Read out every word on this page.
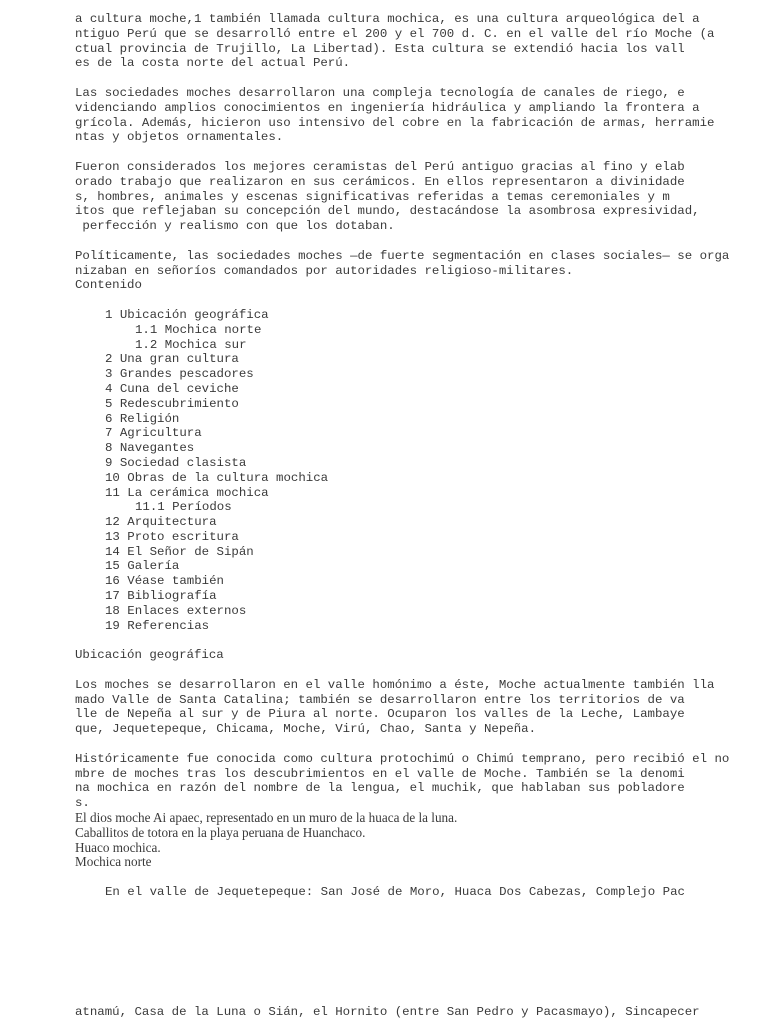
a cultura moche,1 también llamada cultura mochica, es una cultura arqueológica del a
ntiguo Perú que se desarrolló entre el 200 y el 700 d. C. en el valle del río Moche (a
ctual provincia de Trujillo, La Libertad). Esta cultura se extendió hacia los vall
es de la costa norte del actual Perú.
Las sociedades moches desarrollaron una compleja tecnología de canales de riego, e
videnciando amplios conocimientos en ingeniería hidráulica y ampliando la frontera a
grícola. Además, hicieron uso intensivo del cobre en la fabricación de armas, herramie
ntas y objetos ornamentales.
Fueron considerados los mejores ceramistas del Perú antiguo gracias al fino y elab
orado trabajo que realizaron en sus cerámicos. En ellos representaron a divinidade
s, hombres, animales y escenas significativas referidas a temas ceremoniales y m
itos que reflejaban su concepción del mundo, destacándose la asombrosa expresividad,
perfección y realismo con que los dotaban.
Políticamente, las sociedades moches —de fuerte segmentación en clases sociales— se orga
nizaban en señoríos comandados por autoridades religioso-militares.
Contenido
1 Ubicación geográfica
1.1 Mochica norte
1.2 Mochica sur
2 Una gran cultura
3 Grandes pescadores
4 Cuna del ceviche
5 Redescubrimiento
6 Religión
7 Agricultura
8 Navegantes
9 Sociedad clasista
10 Obras de la cultura mochica
11 La cerámica mochica
11.1 Períodos
12 Arquitectura
13 Proto escritura
14 El Señor de Sipán
15 Galería
16 Véase también
17 Bibliografía
18 Enlaces externos
19 Referencias
Ubicación geográfica
Los moches se desarrollaron en el valle homónimo a éste, Moche actualmente también lla
mado Valle de Santa Catalina; también se desarrollaron entre los territorios de va
lle de Nepeña al sur y de Piura al norte. Ocuparon los valles de la Leche, Lambaye
que, Jequetepeque, Chicama, Moche, Virú, Chao, Santa y Nepeña.
Históricamente fue conocida como cultura protochimú o Chimú temprano, pero recibió el no
mbre de moches tras los descubrimientos en el valle de Moche. También se la denomi
na mochica en razón del nombre de la lengua, el muchik, que hablaban sus pobladore
s.
El dios moche Ai apaec, representado en un muro de la huaca de la luna.
Caballitos de totora en la playa peruana de Huanchaco.
Huaco mochica.
Mochica norte
En el valle de Jequetepeque: San José de Moro, Huaca Dos Cabezas, Complejo Pac
atnamú, Casa de la Luna o Sián, el Hornito (entre San Pedro y Pacasmayo), Sincapecer
